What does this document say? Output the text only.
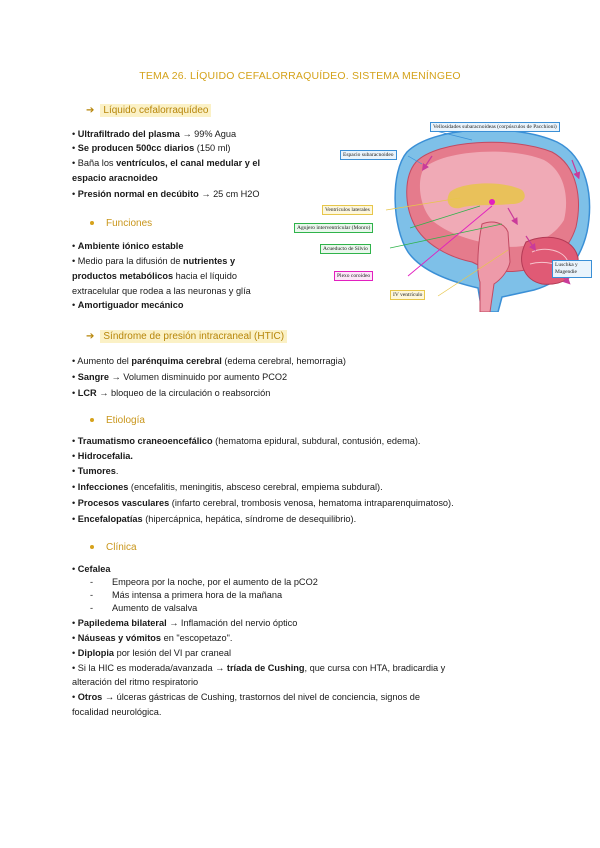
TEMA 26. LÍQUIDO CEFALORRAQUÍDEO. SISTEMA MENÍNGEO
➔ Líquido cefalorraquídeo
• Ultrafiltrado del plasma → 99% Agua
• Se producen 500cc diarios (150 ml)
• Baña los ventrículos, el canal medular y el
espacio aracnoideo
• Presión normal en decúbito → 25 cm H2O
Funciones
• Ambiente iónico estable
• Medio para la difusión de nutrientes y
productos metabólicos hacia el líquido
extracelular que rodea a las neuronas y glía
• Amortiguador mecánico
➔ Síndrome de presión intracraneal (HTIC)
• Aumento del parénquima cerebral (edema cerebral, hemorragia)
• Sangre → Volumen disminuido por aumento PCO2
• LCR → bloqueo de la circulación o reabsorción
Etiología
• Traumatismo craneoencefálico (hematoma epidural, subdural, contusión, edema).
• Hidrocefalia.
• Tumores.
• Infecciones (encefalitis, meningitis, absceso cerebral, empiema subdural).
• Procesos vasculares (infarto cerebral, trombosis venosa, hematoma intraparenquimatoso).
• Encefalopatías (hipercápnica, hepática, síndrome de desequilibrio).
Clínica
• Cefalea
- Empeora por la noche, por el aumento de la pCO2
- Más intensa a primera hora de la mañana
- Aumento de valsalva
• Papiledema bilateral → Inflamación del nervio óptico
• Náuseas y vómitos en "escopetazo".
• Diplopia por lesión del VI par craneal
• Si la HIC es moderada/avanzada → tríada de Cushing, que cursa con HTA, bradicardia y
alteración del ritmo respiratorio
• Otros → úlceras gástricas de Cushing, trastornos del nivel de conciencia, signos de
focalidad neurológica.
Vellosidades subaracnoideas (corpúsculos de Pacchioni)
Espacio subaracnoideo
Ventrículos laterales
Agujero interventricular (Monro)
Acueducto de Silvio
Plexo coroideo
IV ventrículo
Luschka y Magendie
